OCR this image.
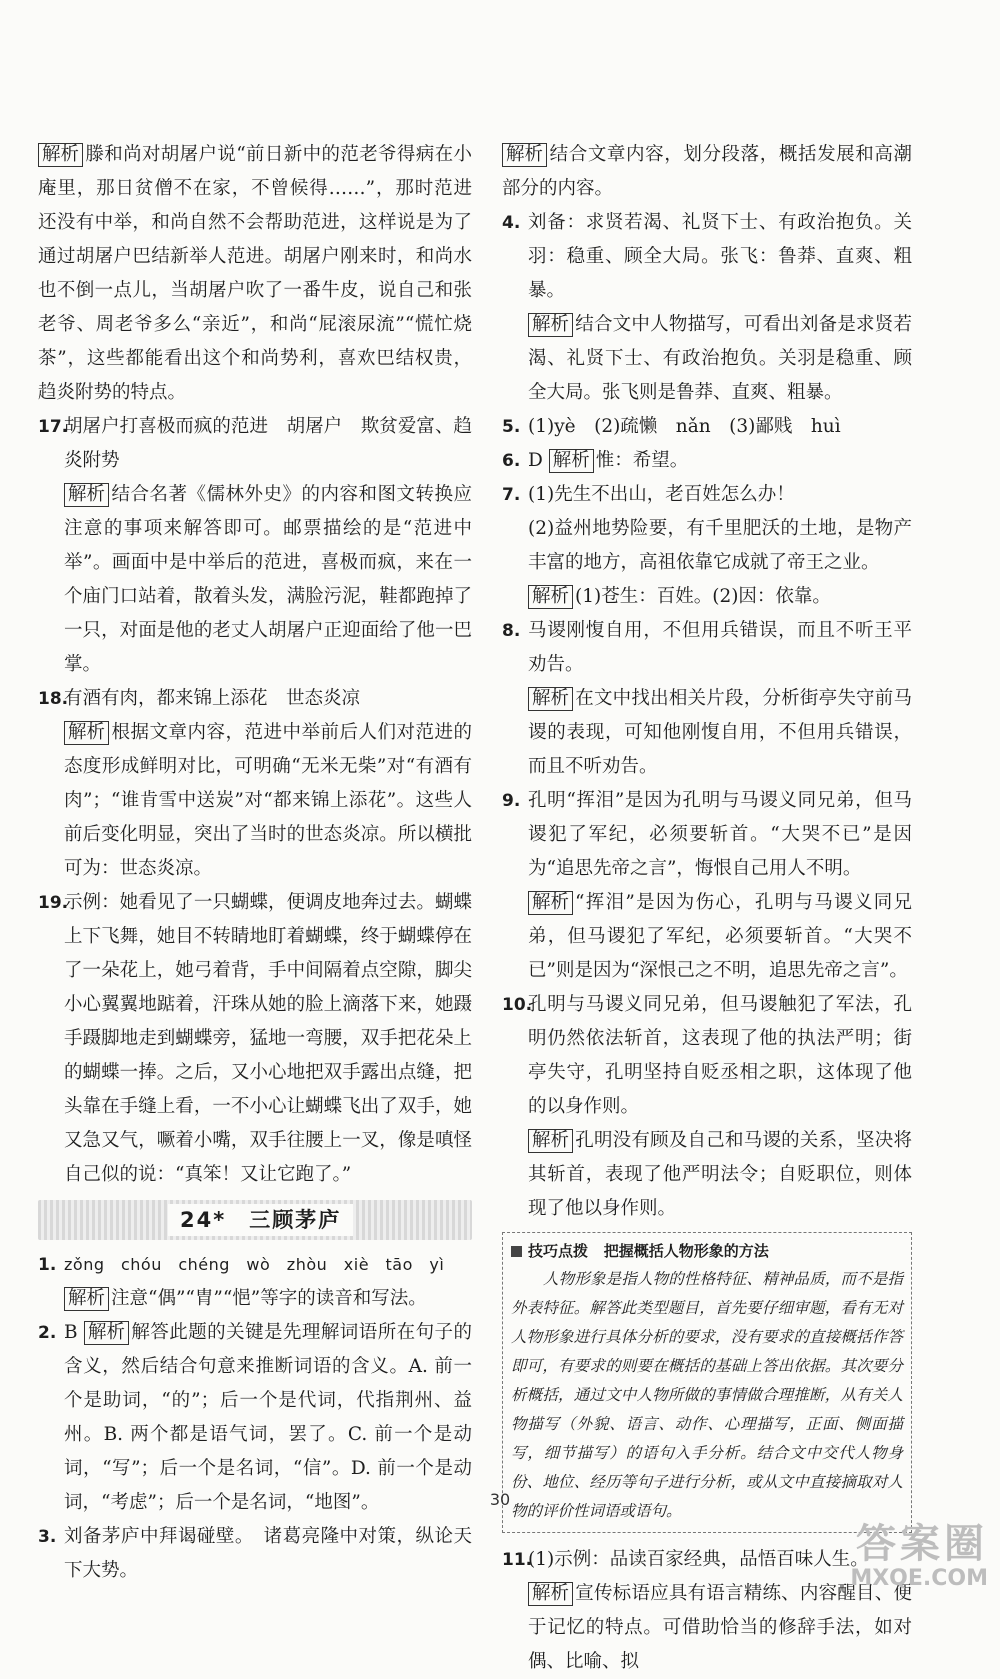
解析 滕和尚对胡屠户说“前日新中的范老爷得病在小庵里，那日贫僧不在家，不曾候得……”，那时范进还没有中举，和尚自然不会帮助范进，这样说是为了通过胡屠户巴结新举人范进。胡屠户刚来时，和尚水也不倒一点儿，当胡屠户吹了一番牛皮，说自己和张老爷、周老爷多么“亲近”，和尚“屁滚尿流”“慌忙烧茶”，这些都能看出这个和尚势利，喜欢巴结权贵，趋炎附势的特点。

17.

胡屠户打喜极而疯的范进　胡屠户　欺贫爱富、趋炎附势

解析 结合名著《儒林外史》的内容和图文转换应注意的事项来解答即可。邮票描绘的是“范进中举”。画面中是中举后的范进，喜极而疯，来在一个庙门口站着，散着头发，满脸污泥，鞋都跑掉了一只，对面是他的老丈人胡屠户正迎面给了他一巴掌。

18.

有酒有肉，都来锦上添花　世态炎凉

解析 根据文章内容，范进中举前后人们对范进的态度形成鲜明对比，可明确“无米无柴”对“有酒有肉”；“谁肯雪中送炭”对“都来锦上添花”。这些人前后变化明显，突出了当时的世态炎凉。所以横批可为：世态炎凉。

19.

示例：她看见了一只蝴蝶，便调皮地奔过去。蝴蝶上下飞舞，她目不转睛地盯着蝴蝶，终于蝴蝶停在了一朵花上，她弓着背，手中间隔着点空隙，脚尖小心翼翼地踮着，汗珠从她的脸上滴落下来，她蹑手蹑脚地走到蝴蝶旁，猛地一弯腰，双手把花朵上的蝴蝶一捧。之后，又小心地把双手露出点缝，把头靠在手缝上看，一不小心让蝴蝶飞出了双手，她又急又气，噘着小嘴，双手往腰上一叉，像是嗔怪自己似的说：“真笨！又让它跑了。”

24*　三顾茅庐
1. zǒng　chóu　chéng　wò　zhòu　xiè　tāo　yì

解析 注意“偶”“胄”“悒”等字的读音和写法。

2. B 解析 解答此题的关键是先理解词语所在句子的含义，然后结合句意来推断词语的含义。A. 前一个是助词，“的”；后一个是代词，代指荆州、益州。B. 两个都是语气词，罢了。C. 前一个是动词，“写”；后一个是名词，“信”。D. 前一个是动词，“考虑”；后一个是名词，“地图”。

3. 刘备茅庐中拜谒碰壁。　诸葛亮隆中对策，纵论天下大势。

解析 结合文章内容，划分段落，概括发展和高潮部分的内容。

4. 刘备：求贤若渴、礼贤下士、有政治抱负。关羽：稳重、顾全大局。张飞：鲁莽、直爽、粗暴。

解析 结合文中人物描写，可看出刘备是求贤若渴、礼贤下士、有政治抱负。关羽是稳重、顾全大局。张飞则是鲁莽、直爽、粗暴。

5. (1)yè　(2)疏懒　nǎn　(3)鄙贱　huì

6. D 解析 惟：希望。

7. (1)先生不出山，老百姓怎么办！

(2)益州地势险要，有千里肥沃的土地，是物产丰富的地方，高祖依靠它成就了帝王之业。

解析 (1)苍生：百姓。(2)因：依靠。

8. 马谡刚愎自用，不但用兵错误，而且不听王平劝告。

解析 在文中找出相关片段，分析街亭失守前马谡的表现，可知他刚愎自用，不但用兵错误，而且不听劝告。

9. 孔明“挥泪”是因为孔明与马谡义同兄弟，但马谡犯了军纪，必须要斩首。“大哭不已”是因为“追思先帝之言”，悔恨自己用人不明。

解析 “挥泪”是因为伤心，孔明与马谡义同兄弟，但马谡犯了军纪，必须要斩首。“大哭不已”则是因为“深恨己之不明，追思先帝之言”。

10.

孔明与马谡义同兄弟，但马谡触犯了军法，孔明仍然依法斩首，这表现了他的执法严明；街亭失守，孔明坚持自贬丞相之职，这体现了他的以身作则。

解析 孔明没有顾及自己和马谡的关系，坚决将其斩首，表现了他严明法令；自贬职位，则体现了他以身作则。

技巧点拨 把握概括人物形象的方法

人物形象是指人物的性格特征、精神品质，而不是指外表特征。解答此类型题目，首先要仔细审题，看有无对人物形象进行具体分析的要求，没有要求的直接概括作答即可，有要求的则要在概括的基础上答出依据。其次要分析概括，通过文中人物所做的事情做合理推断，从有关人物描写（外貌、语言、动作、心理描写，正面、侧面描写，细节描写）的语句入手分析。结合文中交代人物身份、地位、经历等句子进行分析，或从文中直接摘取对人物的评价性词语或语句。

11.

(1)示例：品读百家经典，品悟百味人生。

解析 宣传标语应具有语言精练、内容醒目、便于记忆的特点。可借助恰当的修辞手法，如对偶、比喻、拟

30
答案圈
MXQE.COM
